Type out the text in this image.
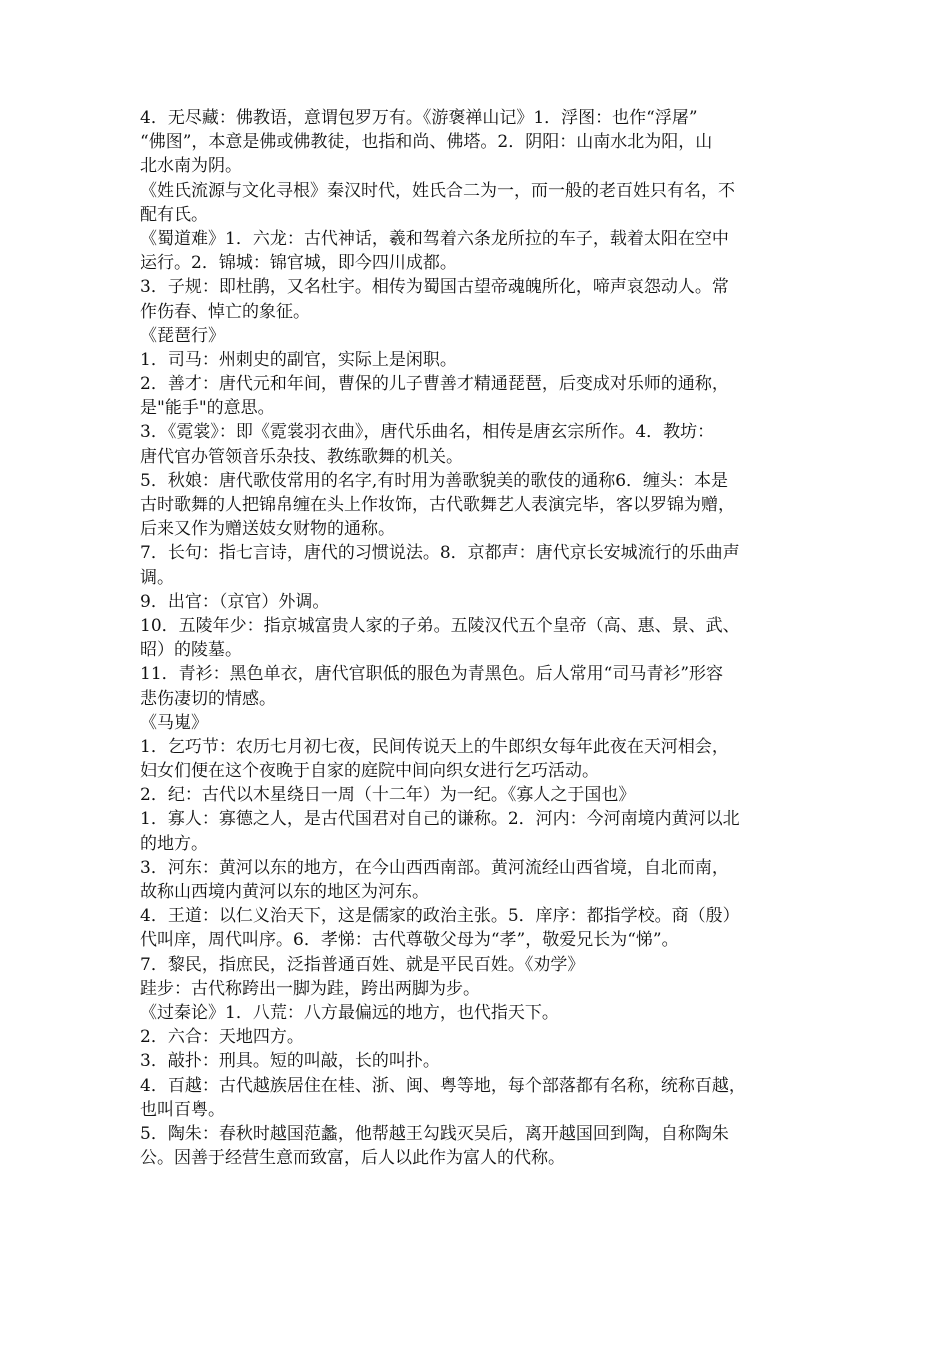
4．无尽藏：佛教语，意谓包罗万有。《游褒禅山记》1．浮图：也作“浮屠”
“佛图”，本意是佛或佛教徒，也指和尚、佛塔。2．阴阳：山南水北为阳，山
北水南为阴。
《姓氏流源与文化寻根》秦汉时代，姓氏合二为一，而一般的老百姓只有名，不
配有氏。
《蜀道难》1．六龙：古代神话，羲和驾着六条龙所拉的车子，载着太阳在空中
运行。2．锦城：锦官城，即今四川成都。
3．子规：即杜鹃，又名杜宇。相传为蜀国古望帝魂魄所化，啼声哀怨动人。常
作伤春、悼亡的象征。
《琵琶行》
1．司马：州刺史的副官，实际上是闲职。
2．善才：唐代元和年间，曹保的儿子曹善才精通琵琶，后变成对乐师的通称，
是"能手"的意思。
3．《霓裳》：即《霓裳羽衣曲》，唐代乐曲名，相传是唐玄宗所作。4．教坊：
唐代官办管领音乐杂技、教练歌舞的机关。
5．秋娘：唐代歌伎常用的名字,有时用为善歌貌美的歌伎的通称6．缠头：本是
古时歌舞的人把锦帛缠在头上作妆饰，古代歌舞艺人表演完毕，客以罗锦为赠，
后来又作为赠送妓女财物的通称。
7．长句：指七言诗，唐代的习惯说法。8．京都声：唐代京长安城流行的乐曲声
调。
9．出官：（京官）外调。
10．五陵年少：指京城富贵人家的子弟。五陵汉代五个皇帝（高、惠、景、武、
昭）的陵墓。
11．青衫：黑色单衣，唐代官职低的服色为青黑色。后人常用“司马青衫”形容
悲伤凄切的情感。
《马嵬》
1．乞巧节：农历七月初七夜，民间传说天上的牛郎织女每年此夜在天河相会，
妇女们便在这个夜晚于自家的庭院中间向织女进行乞巧活动。
2．纪：古代以木星绕日一周（十二年）为一纪。《寡人之于国也》
1．寡人：寡德之人，是古代国君对自己的谦称。2．河内：今河南境内黄河以北
的地方。
3．河东：黄河以东的地方，在今山西西南部。黄河流经山西省境，自北而南，
故称山西境内黄河以东的地区为河东。
4．王道：以仁义治天下，这是儒家的政治主张。5．庠序：都指学校。商（殷）
代叫庠，周代叫序。6．孝悌：古代尊敬父母为“孝”，敬爱兄长为“悌”。
7．黎民，指庶民，泛指普通百姓、就是平民百姓。《劝学》
跬步：古代称跨出一脚为跬，跨出两脚为步。
《过秦论》1．八荒：八方最偏远的地方，也代指天下。
2．六合：天地四方。
3．敲扑：刑具。短的叫敲，长的叫扑。
4．百越：古代越族居住在桂、浙、闽、粤等地，每个部落都有名称，统称百越，
也叫百粤。
5．陶朱：春秋时越国范蠡，他帮越王勾践灭吴后，离开越国回到陶，自称陶朱
公。因善于经营生意而致富，后人以此作为富人的代称。
